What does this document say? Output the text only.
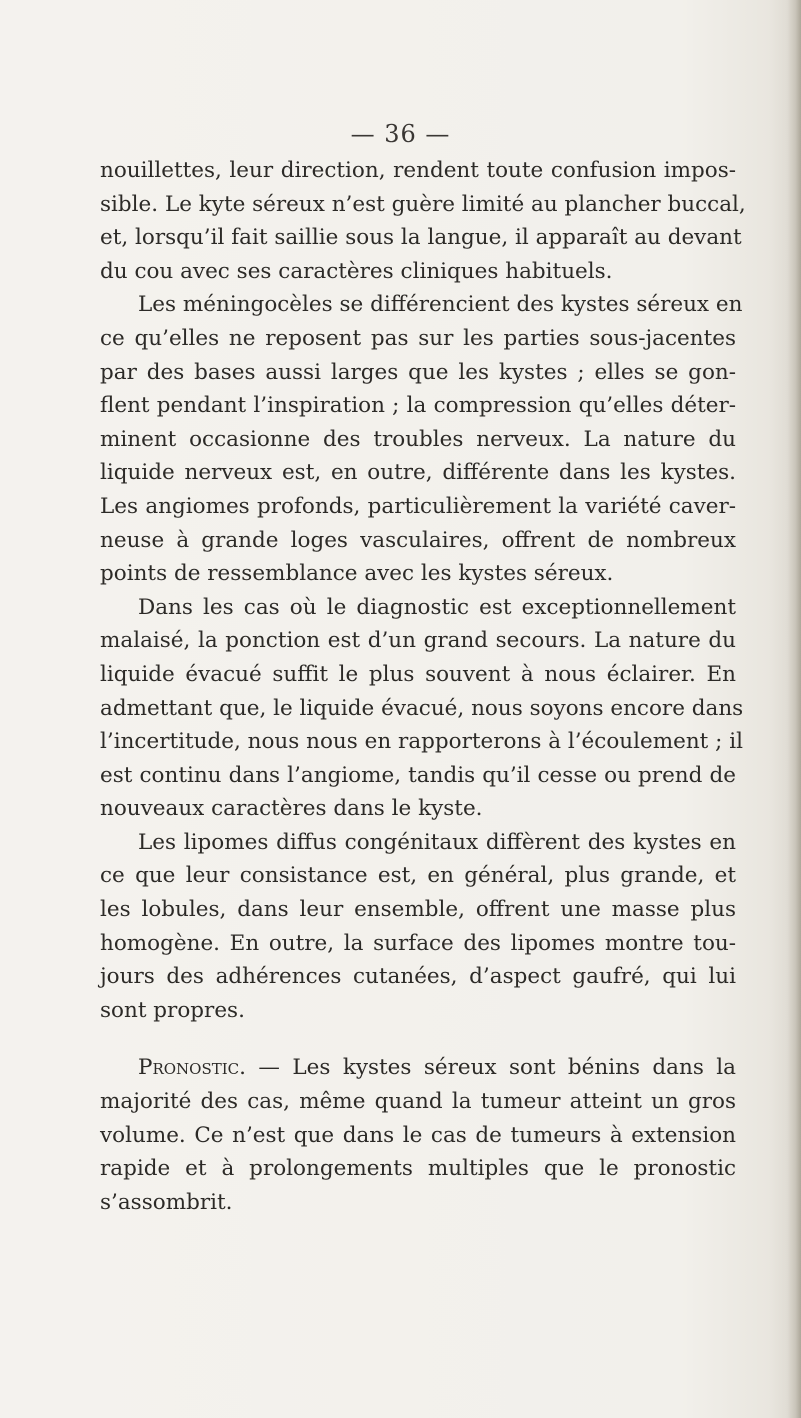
— 36 —
nouillettes, leur direction, rendent toute confusion impos-
sible. Le kyte séreux n’est guère limité au plancher buccal,
et, lorsqu’il fait saillie sous la langue, il apparaît au devant
du cou avec ses caractères cliniques habituels.
Les méningocèles se différencient des kystes séreux en
ce qu’elles ne reposent pas sur les parties sous-jacentes
par des bases aussi larges que les kystes ; elles se gon-
flent pendant l’inspiration ; la compression qu’elles déter-
minent occasionne des troubles nerveux. La nature du
liquide nerveux est, en outre, différente dans les kystes.
Les angiomes profonds, particulièrement la variété caver-
neuse à grande loges vasculaires, offrent de nombreux
points de ressemblance avec les kystes séreux.
Dans les cas où le diagnostic est exceptionnellement
malaisé, la ponction est d’un grand secours. La nature du
liquide évacué suffit le plus souvent à nous éclairer. En
admettant que, le liquide évacué, nous soyons encore dans
l’incertitude, nous nous en rapporterons à l’écoulement ; il
est continu dans l’angiome, tandis qu’il cesse ou prend de
nouveaux caractères dans le kyste.
Les lipomes diffus congénitaux diffèrent des kystes en
ce que leur consistance est, en général, plus grande, et
les lobules, dans leur ensemble, offrent une masse plus
homogène. En outre, la surface des lipomes montre tou-
jours des adhérences cutanées, d’aspect gaufré, qui lui
sont propres.
Pronostic. — Les kystes séreux sont bénins dans la
majorité des cas, même quand la tumeur atteint un gros
volume. Ce n’est que dans le cas de tumeurs à extension
rapide et à prolongements multiples que le pronostic
s’assombrit.
